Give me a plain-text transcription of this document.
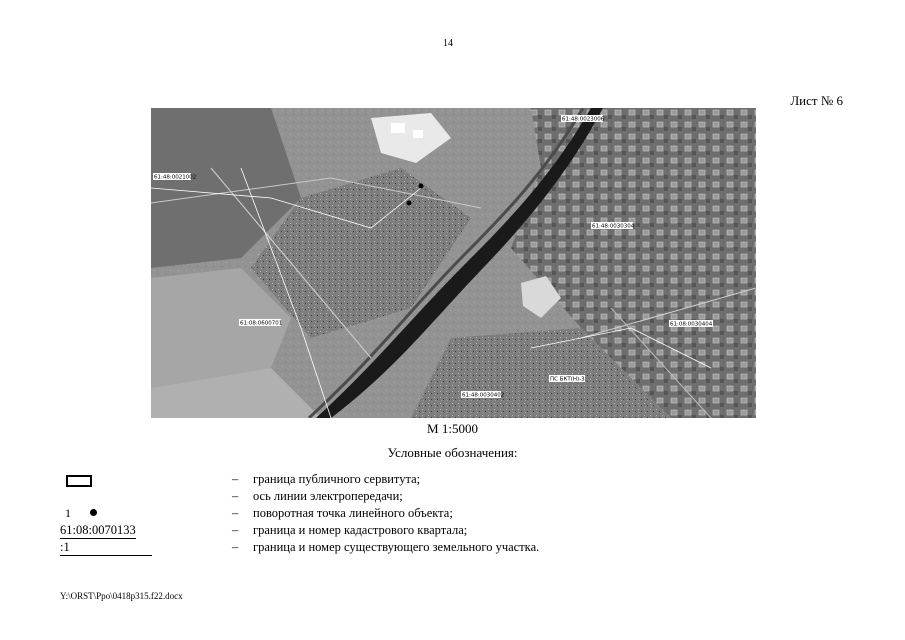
14
Лист № 6
61:48:0021002
61:48:0023006
61:48:0030304
61:08:0600701	61:08:0030404
61:48:0030402
ПС БКТ(Н)-3
М 1:5000
Условные обозначения:
– граница публичного сервитута;
– ось линии электропередачи;
1	– поворотная точка линейного объекта;
61:08:0070133	– граница и номер кадастрового квартала;
:1	– граница и номер существующего земельного участка.
Y:\ORST\Ppo\0418p315.f22.docx
